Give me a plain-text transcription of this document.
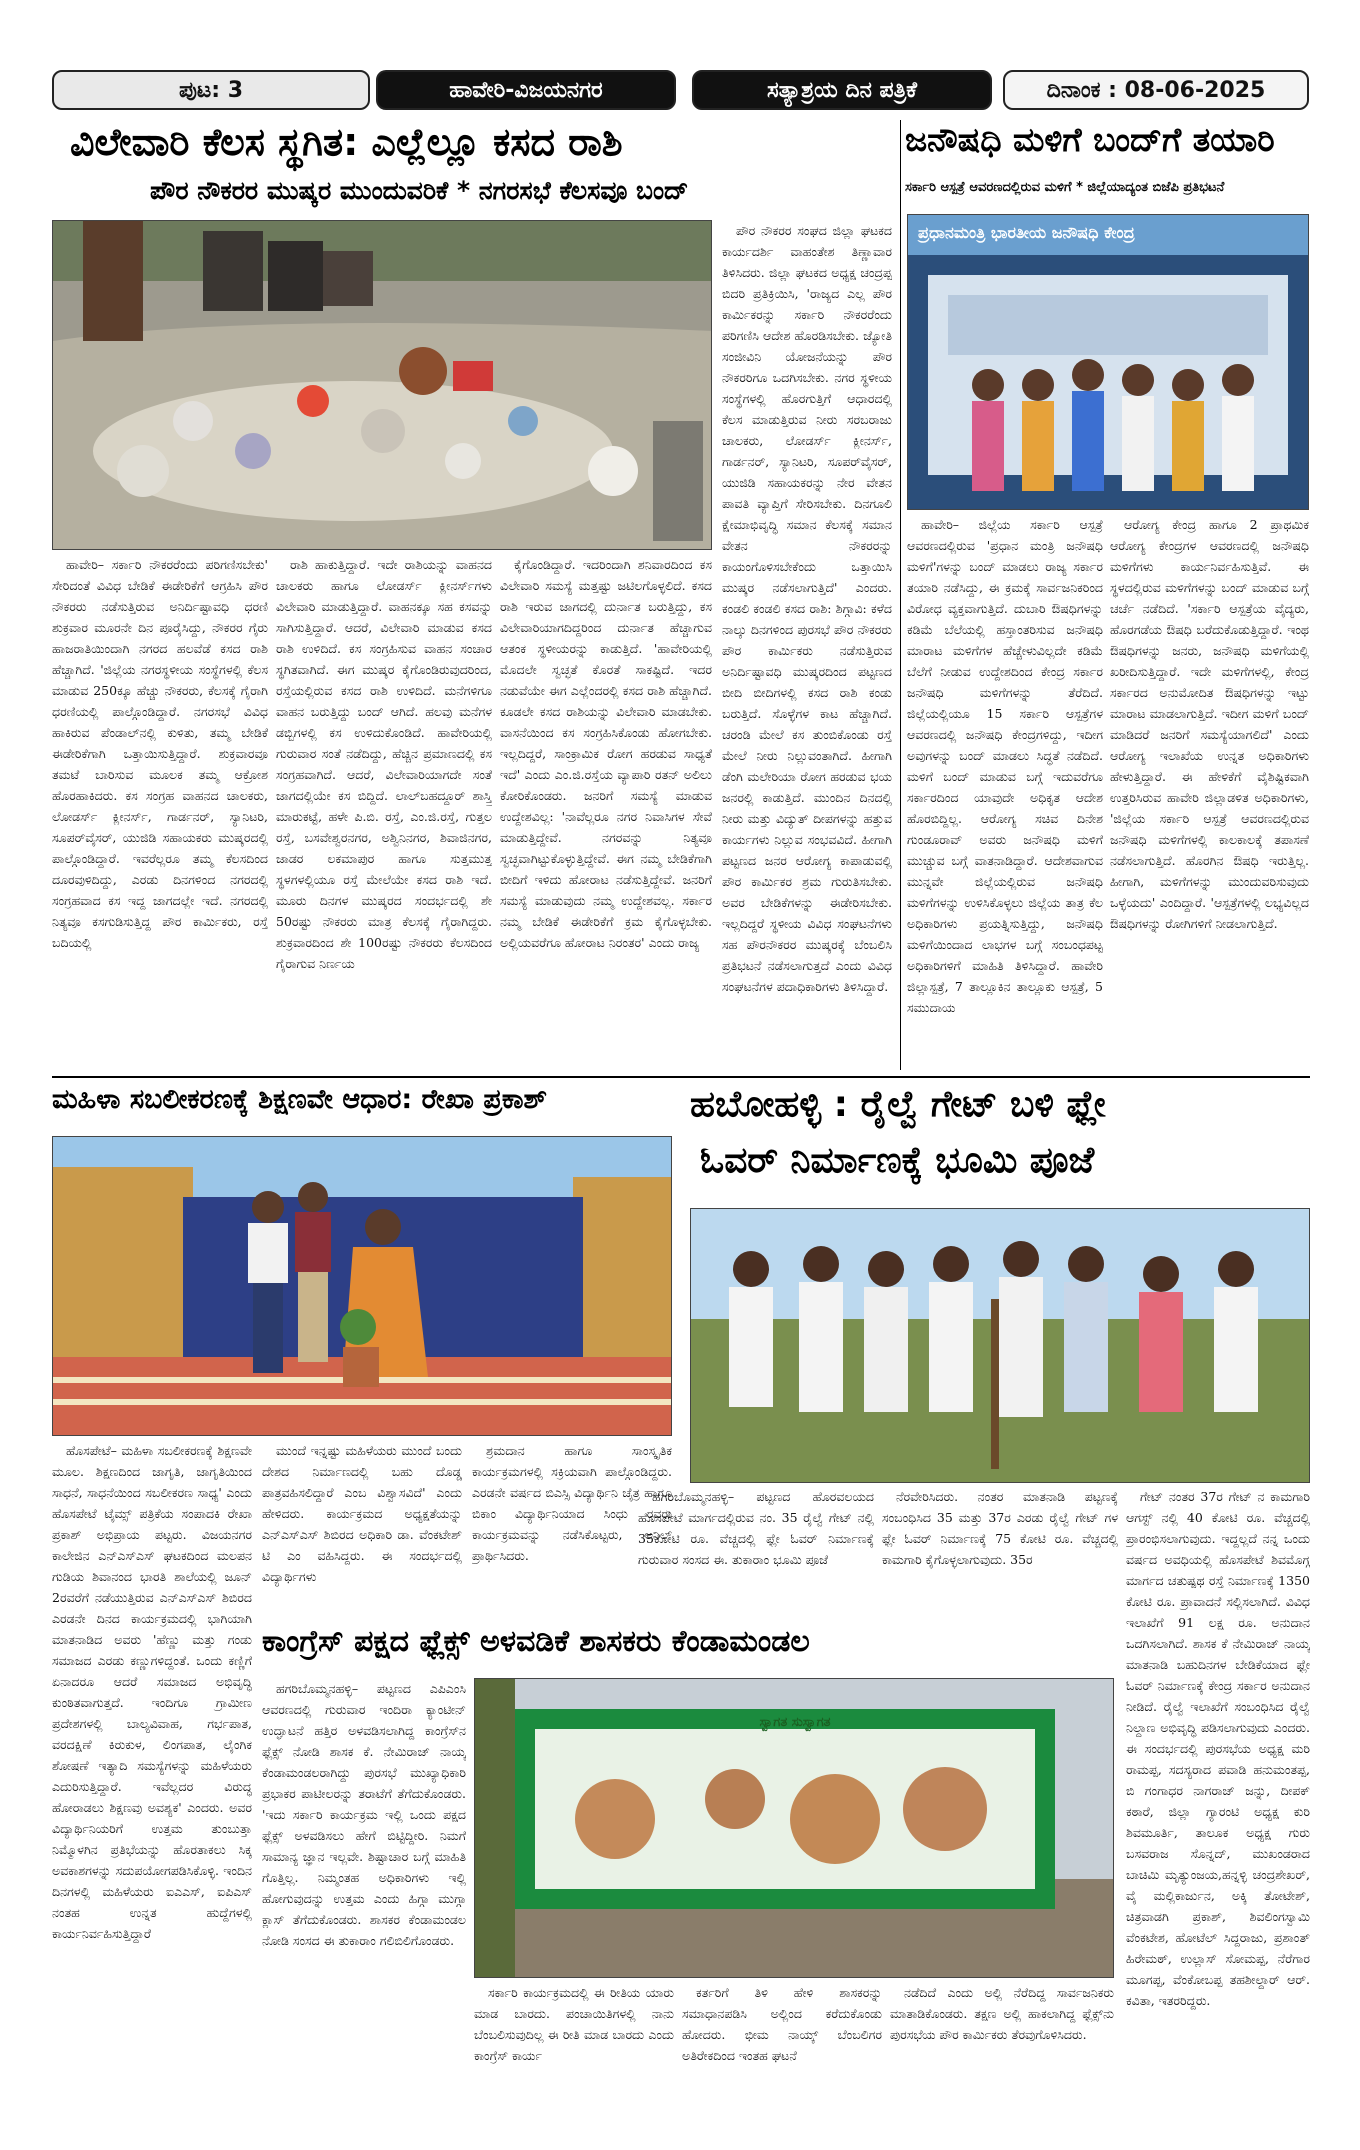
ಪುಟ: 3	ಹಾವೇರಿ-ವಿಜಯನಗರ	ಸತ್ಯಾಶ್ರಯ ದಿನ ಪತ್ರಿಕೆ	ದಿನಾಂಕ : 08-06-2025
ವಿಲೇವಾರಿ ಕೆಲಸ ಸ್ಥಗಿತ: ಎಲ್ಲೆಲ್ಲೂ ಕಸದ ರಾಶಿ
ಪೌರ ನೌಕರರ ಮುಷ್ಕರ ಮುಂದುವರಿಕೆ * ನಗರಸಭೆ ಕೆಲಸವೂ ಬಂದ್

ಹಾವೇರಿ– ಸರ್ಕಾರಿ ನೌಕರರೆಂದು ಪರಿಗಣಿಸಬೇಕು' ಸೇರಿದಂತೆ ವಿವಿಧ ಬೇಡಿಕೆ ಈಡೇರಿಕೆಗೆ ಆಗ್ರಹಿಸಿ ಪೌರ ನೌಕರರು ನಡೆಸುತ್ತಿರುವ ಅನಿರ್ದಿಷ್ಟಾವಧಿ ಧರಣಿ ಶುಕ್ರವಾರ ಮೂರನೇ ದಿನ ಪೂರೈಸಿದ್ದು, ನೌಕರರ ಗೈರು ಹಾಜರಾತಿಯಿಂದಾಗಿ ನಗರದ ಹಲವೆಡೆ ಕಸದ ರಾಶಿ ಹೆಚ್ಚಾಗಿದೆ. 'ಜಿಲ್ಲೆಯ ನಗರಸ್ಥಳೀಯ ಸಂಸ್ಥೆಗಳಲ್ಲಿ ಕೆಲಸ ಮಾಡುವ 250ಕ್ಕೂ ಹೆಚ್ಚು ನೌಕರರು, ಕೆಲಸಕ್ಕೆ ಗೈರಾಗಿ ಧರಣಿಯಲ್ಲಿ ಪಾಲ್ಗೊಂಡಿದ್ದಾರೆ. ನಗರಸಭೆ ವಿವಿಧ ಹಾಕಿರುವ ಪೆಂಡಾಲ್‌ನಲ್ಲಿ ಕುಳಿತು, ತಮ್ಮ ಬೇಡಿಕೆ ಈಡೇರಿಕೆಗಾಗಿ ಒತ್ತಾಯಿಸುತ್ತಿದ್ದಾರೆ. ಶುಕ್ರವಾರವೂ ತಮಟೆ ಬಾರಿಸುವ ಮೂಲಕ ತಮ್ಮ ಆಕ್ರೋಶ ಹೊರಹಾಕಿದರು. ಕಸ ಸಂಗ್ರಹ ವಾಹನದ ಚಾಲಕರು, ಲೋಡರ್ಸ್ ಕ್ಲೀನರ್ಸ್, ಗಾರ್ಡನರ್, ಸ್ಯಾನಿಟರಿ, ಸೂಪರ್‌ವೈಸರ್, ಯುಜಿಡಿ ಸಹಾಯಕರು ಮುಷ್ಕರದಲ್ಲಿ ಪಾಲ್ಗೊಂಡಿದ್ದಾರೆ. ಇವರೆಲ್ಲರೂ ತಮ್ಮ ಕೆಲಸದಿಂದ ದೂರವುಳಿದಿದ್ದು, ಎರಡು ದಿನಗಳಿಂದ ನಗರದಲ್ಲಿ ಸಂಗ್ರಹವಾದ ಕಸ ಇದ್ದ ಜಾಗದಲ್ಲೇ ಇದೆ. ನಗರದಲ್ಲಿ ನಿತ್ಯವೂ ಕಸಗುಡಿಸುತ್ತಿದ್ದ ಪೌರ ಕಾರ್ಮಿಕರು, ರಸ್ತೆ ಬದಿಯಲ್ಲಿ

ರಾಶಿ ಹಾಕುತ್ತಿದ್ದಾರೆ. ಇದೇ ರಾಶಿಯನ್ನು ವಾಹನದ ಚಾಲಕರು ಹಾಗೂ ಲೋಡರ್ಸ್ ಕ್ಲೀನರ್ಸ್‌ಗಳು ವಿಲೇವಾರಿ ಮಾಡುತ್ತಿದ್ದಾರೆ. ವಾಹನಕ್ಕೂ ಸಹ ಕಸವನ್ನು ಸಾಗಿಸುತ್ತಿದ್ದಾರೆ. ಆದರೆ, ವಿಲೇವಾರಿ ಮಾಡುವ ಕಸದ ರಾಶಿ ಉಳಿದಿದೆ. ಕಸ ಸಂಗ್ರಹಿಸುವ ವಾಹನ ಸಂಚಾರ ಸ್ಥಗಿತವಾಗಿದೆ. ಈಗ ಮುಷ್ಕರ ಕೈಗೊಂಡಿರುವುದರಿಂದ, ರಸ್ತೆಯಲ್ಲಿರುವ ಕಸದ ರಾಶಿ ಉಳಿದಿದೆ. ಮನೆಗಳಿಗೂ ವಾಹನ ಬರುತ್ತಿದ್ದು ಬಂದ್ ಆಗಿದೆ. ಹಲವು ಮನೆಗಳ ಡಬ್ಬಿಗಳಲ್ಲಿ ಕಸ ಉಳಿದುಕೊಂಡಿದೆ. ಹಾವೇರಿಯಲ್ಲಿ ಗುರುವಾರ ಸಂತೆ ನಡೆದಿದ್ದು, ಹೆಚ್ಚಿನ ಪ್ರಮಾಣದಲ್ಲಿ ಕಸ ಸಂಗ್ರಹವಾಗಿದೆ. ಆದರೆ, ವಿಲೇವಾರಿಯಾಗದೇ ಸಂತೆ ಜಾಗದಲ್ಲಿಯೇ ಕಸ ಬಿದ್ದಿದೆ. ಲಾಲ್‌ಬಹದ್ದೂರ್ ಶಾಸ್ತ್ರಿ ಮಾರುಕಟ್ಟೆ, ಹಳೇ ಪಿ.ಬಿ. ರಸ್ತೆ, ಎಂ.ಜಿ.ರಸ್ತೆ, ಗುತ್ತಲ ರಸ್ತೆ, ಬಸವೇಶ್ವರನಗರ, ಅಶ್ವಿನಿನಗರ, ಶಿವಾಜಿನಗರ, ಜಾಡರ ಲಕಮಾಪುರ ಹಾಗೂ ಸುತ್ತಮುತ್ತ ಸ್ಥಳಗಳಲ್ಲಿಯೂ ರಸ್ತೆ ಮೇಲೆಯೇ ಕಸದ ರಾಶಿ ಇದೆ. ಮೂರು ದಿನಗಳ ಮುಷ್ಕರದ ಸಂದರ್ಭದಲ್ಲಿ ಶೇ 50ರಷ್ಟು ನೌಕರರು ಮಾತ್ರ ಕೆಲಸಕ್ಕೆ ಗೈರಾಗಿದ್ದರು. ಶುಕ್ರವಾರದಿಂದ ಶೇ 100ರಷ್ಟು ನೌಕರರು ಕೆಲಸದಿಂದ ಗೈರಾಗುವ ನಿರ್ಣಯ

ಕೈಗೊಂಡಿದ್ದಾರೆ. ಇದರಿಂದಾಗಿ ಶನಿವಾರದಿಂದ ಕಸ ವಿಲೇವಾರಿ ಸಮಸ್ಯೆ ಮತ್ತಷ್ಟು ಜಟಿಲಗೊಳ್ಳಲಿದೆ. ಕಸದ ರಾಶಿ ಇರುವ ಜಾಗದಲ್ಲಿ ದುರ್ನಾತ ಬರುತ್ತಿದ್ದು, ಕಸ ವಿಲೇವಾರಿಯಾಗದಿದ್ದರಿಂದ ದುರ್ನಾತ ಹೆಚ್ಚಾಗುವ ಆತಂಕ ಸ್ಥಳೀಯರನ್ನು ಕಾಡುತ್ತಿದೆ. 'ಹಾವೇರಿಯಲ್ಲಿ ಮೊದಲೇ ಸ್ವಚ್ಛತೆ ಕೊರತೆ ಸಾಕಷ್ಟಿದೆ. ಇದರ ನಡುವೆಯೇ ಈಗ ಎಲ್ಲೆಂದರಲ್ಲಿ ಕಸದ ರಾಶಿ ಹೆಚ್ಚಾಗಿದೆ. ಕೂಡಲೇ ಕಸದ ರಾಶಿಯನ್ನು ವಿಲೇವಾರಿ ಮಾಡಬೇಕು. ವಾಸನೆಯಿಂದ ಕಸ ಸಂಗ್ರಹಿಸಿಕೊಂಡು ಹೋಗಬೇಕು. ಇಲ್ಲದಿದ್ದರೆ, ಸಾಂಕ್ರಾಮಿಕ ರೋಗ ಹರಡುವ ಸಾಧ್ಯತೆ ಇದೆ' ಎಂದು ಎಂ.ಜಿ.ರಸ್ತೆಯ ವ್ಯಾಪಾರಿ ರತನ್ ಅಲಿಲು ಕೋರಿಕೊಂಡರು. ಜನರಿಗೆ ಸಮಸ್ಯೆ ಮಾಡುವ ಉದ್ದೇಶವಿಲ್ಲ: 'ನಾವೆಲ್ಲರೂ ನಗರ ನಿವಾಸಿಗಳ ಸೇವೆ ಮಾಡುತ್ತಿದ್ದೇವೆ. ನಗರವನ್ನು ನಿತ್ಯವೂ ಸ್ವಚ್ಛವಾಗಿಟ್ಟುಕೊಳ್ಳುತ್ತಿದ್ದೇವೆ. ಈಗ ನಮ್ಮ ಬೇಡಿಕೆಗಾಗಿ ಬೀದಿಗೆ ಇಳಿದು ಹೋರಾಟ ನಡೆಸುತ್ತಿದ್ದೇವೆ. ಜನರಿಗೆ ಸಮಸ್ಯೆ ಮಾಡುವುದು ನಮ್ಮ ಉದ್ದೇಶವಲ್ಲ. ಸರ್ಕಾರ ನಮ್ಮ ಬೇಡಿಕೆ ಈಡೇರಿಕೆಗೆ ಕ್ರಮ ಕೈಗೊಳ್ಳಬೇಕು. ಅಲ್ಲಿಯವರೆಗೂ ಹೋರಾಟ ನಿರಂತರ' ಎಂದು ರಾಜ್ಯ

ಪೌರ ನೌಕರರ ಸಂಘದ ಜಿಲ್ಲಾ ಘಟಕದ ಕಾರ್ಯದರ್ಶಿ ವಾಹಂತೇಶ ತಿಣ್ಣಾವಾರ ತಿಳಿಸಿದರು. ಜಿಲ್ಲಾ ಘಟಕದ ಅಧ್ಯಕ್ಷ ಚಂದ್ರಪ್ಪ ಬಿದರಿ ಪ್ರತಿಕ್ರಿಯಿಸಿ, 'ರಾಜ್ಯದ ಎಲ್ಲ ಪೌರ ಕಾರ್ಮಿಕರನ್ನು ಸರ್ಕಾರಿ ನೌಕರರೆಂದು ಪರಿಗಣಿಸಿ ಆದೇಶ ಹೊರಡಿಸಬೇಕು. ಜ್ಯೋತಿ ಸಂಜೀವಿನಿ ಯೋಜನೆಯನ್ನು ಪೌರ ನೌಕರರಿಗೂ ಒದಗಿಸಬೇಕು. ನಗರ ಸ್ಥಳೀಯ ಸಂಸ್ಥೆಗಳಲ್ಲಿ ಹೊರಗುತ್ತಿಗೆ ಆಧಾರದಲ್ಲಿ ಕೆಲಸ ಮಾಡುತ್ತಿರುವ ನೀರು ಸರಬರಾಜು ಚಾಲಕರು, ಲೋಡರ್ಸ್ ಕ್ಲೀನರ್ಸ್, ಗಾರ್ಡನರ್, ಸ್ಯಾನಿಟರಿ, ಸೂಪರ್‌ವೈಸರ್, ಯುಜಿಡಿ ಸಹಾಯಕರನ್ನು ನೇರ ವೇತನ ಪಾವತಿ ವ್ಯಾಪ್ತಿಗೆ ಸೇರಿಸಬೇಕು. ದಿನಗೂಲಿ ಕ್ಷೇಮಾಭಿವೃದ್ಧಿ ಸಮಾನ ಕೆಲಸಕ್ಕೆ ಸಮಾನ ವೇತನ ನೌಕರರನ್ನು ಕಾಯಂಗೊಳಿಸಬೇಕೆಂದು ಒತ್ತಾಯಿಸಿ ಮುಷ್ಕರ ನಡೆಸಲಾಗುತ್ತಿದೆ' ಎಂದರು. ಕಂಡಲಿ ಕಂಡಲಿ ಕಸದ ರಾಶಿ: ಶಿಗ್ಗಾವಿ: ಕಳೆದ ನಾಲ್ಕು ದಿನಗಳಿಂದ ಪುರಸಭೆ ಪೌರ ನೌಕರರು ಪೌರ ಕಾರ್ಮಿಕರು ನಡೆಸುತ್ತಿರುವ ಅನಿರ್ದಿಷ್ಟಾವಧಿ ಮುಷ್ಕರದಿಂದ ಪಟ್ಟಣದ ಬೀದಿ ಬೀದಿಗಳಲ್ಲಿ ಕಸದ ರಾಶಿ ಕಂಡು ಬರುತ್ತಿದೆ. ಸೊಳ್ಳೆಗಳ ಕಾಟ ಹೆಚ್ಚಾಗಿದೆ. ಚರಂಡಿ ಮೇಲೆ ಕಸ ತುಂಬಿಕೊಂಡು ರಸ್ತೆ ಮೇಲೆ ನೀರು ನಿಲ್ಲುವಂತಾಗಿದೆ. ಹೀಗಾಗಿ ಡೆಂಗಿ ಮಲೇರಿಯಾ ರೋಗ ಹರಡುವ ಭಯ ಜನರಲ್ಲಿ ಕಾಡುತ್ತಿದೆ. ಮುಂದಿನ ದಿನದಲ್ಲಿ ನೀರು ಮತ್ತು ವಿದ್ಯುತ್ ದೀಪಗಳನ್ನು ಹತ್ತುವ ಕಾರ್ಯಗಳು ನಿಲ್ಲುವ ಸಂಭವವಿದೆ. ಹೀಗಾಗಿ ಪಟ್ಟಣದ ಜನರ ಆರೋಗ್ಯ ಕಾಪಾಡುವಲ್ಲಿ ಪೌರ ಕಾರ್ಮಿಕರ ಶ್ರಮ ಗುರುತಿಸಬೇಕು. ಅವರ ಬೇಡಿಕೆಗಳನ್ನು ಈಡೇರಿಸಬೇಕು. ಇಲ್ಲದಿದ್ದರೆ ಸ್ಥಳೀಯ ವಿವಿಧ ಸಂಘಟನೆಗಳು ಸಹ ಪೌರನೌಕರರ ಮುಷ್ಕರಕ್ಕೆ ಬೆಂಬಲಿಸಿ ಪ್ರತಿಭಟನೆ ನಡೆಸಲಾಗುತ್ತದೆ ಎಂದು ವಿವಿಧ ಸಂಘಟನೆಗಳ ಪದಾಧಿಕಾರಿಗಳು ತಿಳಿಸಿದ್ದಾರೆ.

ಜನೌಷಧಿ ಮಳಿಗೆ ಬಂದ್‌ಗೆ ತಯಾರಿ
ಸರ್ಕಾರಿ ಆಸ್ಪತ್ರೆ ಆವರಣದಲ್ಲಿರುವ ಮಳಿಗೆ * ಜಿಲ್ಲೆಯಾದ್ಯಂತ ಬಿಜೆಪಿ ಪ್ರತಿಭಟನೆ
ಪ್ರಧಾನಮಂತ್ರಿ ಭಾರತೀಯ ಜನೌಷಧಿ ಕೇಂದ್ರ

ಹಾವೇರಿ– ಜಿಲ್ಲೆಯ ಸರ್ಕಾರಿ ಆಸ್ಪತ್ರೆ ಆವರಣದಲ್ಲಿರುವ 'ಪ್ರಧಾನ ಮಂತ್ರಿ ಜನೌಷಧಿ ಮಳಿಗೆ'ಗಳನ್ನು ಬಂದ್ ಮಾಡಲು ರಾಜ್ಯ ಸರ್ಕಾರ ತಯಾರಿ ನಡೆಸಿದ್ದು, ಈ ಕ್ರಮಕ್ಕೆ ಸಾರ್ವಜನಿಕರಿಂದ ವಿರೋಧ ವ್ಯಕ್ತವಾಗುತ್ತಿದೆ. ದುಬಾರಿ ಔಷಧಿಗಳನ್ನು ಕಡಿಮೆ ಬೆಲೆಯಲ್ಲಿ ಹಸ್ತಾಂತರಿಸುವ ಜನೌಷಧಿ ಮಾರಾಟ ಮಳಿಗೆಗಳ ಹೆಚ್ಚೇಳುವಿಲ್ಲದೇ ಕಡಿಮೆ ಬೆಲೆಗೆ ನೀಡುವ ಉದ್ದೇಶದಿಂದ ಕೇಂದ್ರ ಸರ್ಕಾರ ಜನೌಷಧಿ ಮಳಿಗೆಗಳನ್ನು ತೆರೆದಿದೆ. ಜಿಲ್ಲೆಯಲ್ಲಿಯೂ 15 ಸರ್ಕಾರಿ ಆಸ್ಪತ್ರೆಗಳ ಆವರಣದಲ್ಲಿ ಜನೌಷಧಿ ಕೇಂದ್ರಗಳಿದ್ದು, ಇದೀಗ ಅವುಗಳನ್ನು ಬಂದ್ ಮಾಡಲು ಸಿದ್ಧತೆ ನಡೆದಿದೆ. ಮಳಿಗೆ ಬಂದ್ ಮಾಡುವ ಬಗ್ಗೆ ಇದುವರೆಗೂ ಸರ್ಕಾರದಿಂದ ಯಾವುದೇ ಅಧಿಕೃತ ಆದೇಶ ಹೊರಬಿದ್ದಿಲ್ಲ. ಆರೋಗ್ಯ ಸಚಿವ ದಿನೇಶ ಗುಂಡೂರಾವ್ ಅವರು ಜನೌಷಧಿ ಮಳಿಗೆ ಮುಚ್ಚುವ ಬಗ್ಗೆ ವಾತನಾಡಿದ್ದಾರೆ. ಆದೇಶವಾಗುವ ಮುನ್ನವೇ ಜಿಲ್ಲೆಯಲ್ಲಿರುವ ಜನೌಷಧಿ ಮಳಿಗೆಗಳನ್ನು ಉಳಿಸಿಕೊಳ್ಳಲು ಜಿಲ್ಲೆಯ ತಾತ್ರ ಕೆಲ ಅಧಿಕಾರಿಗಳು ಪ್ರಯತ್ನಿಸುತ್ತಿದ್ದು, ಜನೌಷಧಿ ಮಳಿಗೆಯಿಂದಾದ ಲಾಭಗಳ ಬಗ್ಗೆ ಸಂಬಂಧಪಟ್ಟ ಅಧಿಕಾರಿಗಳಿಗೆ ಮಾಹಿತಿ ತಿಳಿಸಿದ್ದಾರೆ. ಹಾವೇರಿ ಜಿಲ್ಲಾಸ್ಪತ್ರೆ, 7 ತಾಲ್ಲೂಕಿನ ತಾಲ್ಲೂಕು ಆಸ್ಪತ್ರೆ, 5 ಸಮುದಾಯ

ಆರೋಗ್ಯ ಕೇಂದ್ರ ಹಾಗೂ 2 ಪ್ರಾಥಮಿಕ ಆರೋಗ್ಯ ಕೇಂದ್ರಗಳ ಆವರಣದಲ್ಲಿ ಜನೌಷಧಿ ಮಳಿಗೆಗಳು ಕಾರ್ಯನಿರ್ವಹಿಸುತ್ತಿವೆ. ಈ ಸ್ಥಳದಲ್ಲಿರುವ ಮಳಿಗೆಗಳನ್ನು ಬಂದ್ ಮಾಡುವ ಬಗ್ಗೆ ಚರ್ಚೆ ನಡೆದಿದೆ. 'ಸರ್ಕಾರಿ ಆಸ್ಪತ್ರೆಯ ವೈದ್ಯರು, ಹೊರಗಡೆಯ ಔಷಧಿ ಬರೆದುಕೊಡುತ್ತಿದ್ದಾರೆ. ಇಂಥ ಔಷಧಿಗಳನ್ನು ಜನರು, ಜನೌಷಧಿ ಮಳಿಗೆಯಲ್ಲಿ ಖರೀದಿಸುತ್ತಿದ್ದಾರೆ. ಇದೇ ಮಳಿಗೆಗಳಲ್ಲಿ, ಕೇಂದ್ರ ಸರ್ಕಾರದ ಅನುಮೋದಿತ ಔಷಧಿಗಳನ್ನು ಇಟ್ಟು ಮಾರಾಟ ಮಾಡಲಾಗುತ್ತಿದೆ. ಇದೀಗ ಮಳಿಗೆ ಬಂದ್ ಮಾಡಿದರೆ ಜನರಿಗೆ ಸಮಸ್ಯೆಯಾಗಲಿದೆ' ಎಂದು ಆರೋಗ್ಯ ಇಲಾಖೆಯ ಉನ್ನತ ಅಧಿಕಾರಿಗಳು ಹೇಳುತ್ತಿದ್ದಾರೆ. ಈ ಹೇಳಿಕೆಗೆ ವೈಶಿಷ್ಟಿಕವಾಗಿ ಉತ್ತರಿಸಿರುವ ಹಾವೇರಿ ಜಿಲ್ಲಾಡಳಿತ ಅಧಿಕಾರಿಗಳು, 'ಜಿಲ್ಲೆಯ ಸರ್ಕಾರಿ ಆಸ್ಪತ್ರೆ ಆವರಣದಲ್ಲಿರುವ ಜನೌಷಧಿ ಮಳಿಗೆಗಳಲ್ಲಿ ಕಾಲಕಾಲಕ್ಕೆ ತಪಾಸಣೆ ನಡೆಸಲಾಗುತ್ತಿದೆ. ಹೊರಗಿನ ಔಷಧಿ ಇರುತ್ತಿಲ್ಲ. ಹೀಗಾಗಿ, ಮಳಿಗೆಗಳನ್ನು ಮುಂದುವರಿಸುವುದು ಒಳ್ಳೆಯದು' ಎಂದಿದ್ದಾರೆ. 'ಆಸ್ಪತ್ರೆಗಳಲ್ಲಿ ಲಭ್ಯವಿಲ್ಲದ ಔಷಧಿಗಳನ್ನು ರೋಗಿಗಳಿಗೆ ನೀಡಲಾಗುತ್ತಿದೆ.

ಮಹಿಳಾ ಸಬಲೀಕರಣಕ್ಕೆ ಶಿಕ್ಷಣವೇ ಆಧಾರ: ರೇಖಾ ಪ್ರಕಾಶ್

ಹೊಸಪೇಟೆ– ಮಹಿಳಾ ಸಬಲೀಕರಣಕ್ಕೆ ಶಿಕ್ಷಣವೇ ಮೂಲ. ಶಿಕ್ಷಣದಿಂದ ಜಾಗೃತಿ, ಜಾಗೃತಿಯಿಂದ ಸಾಧನೆ, ಸಾಧನೆಯಿಂದ ಸಬಲೀಕರಣ ಸಾಧ್ಯ' ಎಂದು ಹೊಸಪೇಟೆ ಟೈಮ್ಸ್ ಪತ್ರಿಕೆಯ ಸಂಪಾದಕಿ ರೇಖಾ ಪ್ರಕಾಶ್ ಅಭಿಪ್ರಾಯ ಪಟ್ಟರು. ವಿಜಯನಗರ ಕಾಲೇಜಿನ ಎನ್ಎಸ್ಎಸ್ ಘಟಕದಿಂದ ಮಲಪನ ಗುಡಿಯ ಶಿವಾನಂದ ಭಾರತಿ ಶಾಲೆಯಲ್ಲಿ ಜೂನ್ 2ರವರೆಗೆ ನಡೆಯುತ್ತಿರುವ ಎನ್ಎಸ್ಎಸ್ ಶಿಬಿರದ ಎರಡನೇ ದಿನದ ಕಾರ್ಯಕ್ರಮದಲ್ಲಿ ಭಾಗಿಯಾಗಿ ಮಾತನಾಡಿದ ಅವರು 'ಹೆಣ್ಣು ಮತ್ತು ಗಂಡು ಸಮಾಜದ ಎರಡು ಕಣ್ಣುಗಳಿದ್ದಂತೆ. ಒಂದು ಕಣ್ಣಿಗೆ ಏನಾದರೂ ಆದರೆ ಸಮಾಜದ ಅಭಿವೃದ್ಧಿ ಕುಂಠಿತವಾಗುತ್ತದೆ. ಇಂದಿಗೂ ಗ್ರಾಮೀಣ ಪ್ರದೇಶಗಳಲ್ಲಿ ಬಾಲ್ಯವಿವಾಹ, ಗರ್ಭಪಾತ, ವರದಕ್ಷಿಣೆ ಕಿರುಕುಳ, ಲಿಂಗಪಾತ, ಲೈಂಗಿಕ ಶೋಷಣೆ ಇತ್ಯಾದಿ ಸಮಸ್ಯೆಗಳನ್ನು ಮಹಿಳೆಯರು ಎದುರಿಸುತ್ತಿದ್ದಾರೆ. ಇವೆಲ್ಲದರ ವಿರುದ್ಧ ಹೋರಾಡಲು ಶಿಕ್ಷಣವು ಅವಶ್ಯಕ' ಎಂದರು. ಅವರ ವಿದ್ಯಾರ್ಥಿನಿಯರಿಗೆ ಉತ್ತಮ ತುಂಬುತ್ತಾ ನಿಮ್ಮೊಳಗಿನ ಪ್ರತಿಭೆಯನ್ನು ಹೊರತಾಕಲು ಸಿಕ್ಕ ಅವಕಾಶಗಳನ್ನು ಸದುಪಯೋಗಪಡಿಸಿಕೊಳ್ಳಿ. ಇಂದಿನ ದಿನಗಳಲ್ಲಿ ಮಹಿಳೆಯರು ಐಎಎಸ್, ಐಪಿಎಸ್ ನಂತಹ ಉನ್ನತ ಹುದ್ದೆಗಳಲ್ಲಿ ಕಾರ್ಯನಿರ್ವಹಿಸುತ್ತಿದ್ದಾರೆ

ಮುಂದೆ ಇನ್ನಷ್ಟು ಮಹಿಳೆಯರು ಮುಂದೆ ಬಂದು ದೇಶದ ನಿರ್ಮಾಣದಲ್ಲಿ ಬಹು ದೊಡ್ಡ ಪಾತ್ರವಹಿಸಲಿದ್ದಾರೆ ಎಂಬ ವಿಶ್ವಾಸವಿದೆ' ಎಂದು ಹೇಳಿದರು. ಕಾರ್ಯಕ್ರಮದ ಅಧ್ಯಕ್ಷತೆಯನ್ನು ಎನ್ಎಸ್ಎಸ್ ಶಿಬಿರದ ಅಧಿಕಾರಿ ಡಾ. ವೆಂಕಟೇಶ್ ಟಿ ಎಂ ವಹಿಸಿದ್ದರು. ಈ ಸಂದರ್ಭದಲ್ಲಿ ವಿದ್ಯಾರ್ಥಿಗಳು

ಶ್ರಮದಾನ ಹಾಗೂ ಸಾಂಸ್ಕೃತಿಕ ಕಾರ್ಯಕ್ರಮಗಳಲ್ಲಿ ಸಕ್ರಿಯವಾಗಿ ಪಾಲ್ಗೊಂಡಿದ್ದರು. ಎರಡನೇ ವರ್ಷದ ಬಿಎಸ್ಸಿ ವಿದ್ಯಾರ್ಥಿನಿ ಚೈತ್ರ ಹಾಗೂ ಬಿಕಾಂ ವಿದ್ಯಾರ್ಥಿನಿಯಾದ ಸಿಂಧು ರವರು ಕಾರ್ಯಕ್ರಮವನ್ನು ನಡೆಸಿಕೊಟ್ಟರು, ಅನಿಲ್ ಪ್ರಾರ್ಥಿಸಿದರು.

ಹಬೋಹಳ್ಳಿ : ರೈಲ್ವೆ ಗೇಟ್ ಬಳಿ ಫ್ಲೇ
ಓವರ್ ನಿರ್ಮಾಣಕ್ಕೆ ಭೂಮಿ ಪೂಜೆ

ಹಗರಿಬೊಮ್ಮನಹಳ್ಳಿ– ಪಟ್ಟಣದ ಹೊರವಲಯದ ಹೊಸಪೇಟೆ ಮಾರ್ಗದಲ್ಲಿರುವ ನಂ. 35 ರೈಲ್ವೆ ಗೇಟ್ ನಲ್ಲಿ 35ಕೋಟಿ ರೂ. ವೆಚ್ಚದಲ್ಲಿ ಫ್ಲೇ ಓವರ್ ನಿರ್ಮಾಣಕ್ಕೆ ಗುರುವಾರ ಸಂಸದ ಈ. ತುಕಾರಾಂ ಭೂಮಿ ಪೂಜೆ

ನೆರವೇರಿಸಿದರು. ನಂತರ ಮಾತನಾಡಿ ಪಟ್ಟಣಕ್ಕೆ ಸಂಬಂಧಿಸಿದ 35 ಮತ್ತು 37ರ ಎರಡು ರೈಲ್ವೆ ಗೇಟ್ ಗಳ ಫ್ಲೇ ಓವರ್ ನಿರ್ಮಾಣಕ್ಕೆ 75 ಕೋಟಿ ರೂ. ವೆಚ್ಚದಲ್ಲಿ ಕಾಮಗಾರಿ ಕೈಗೊಳ್ಳಲಾಗುವುದು. 35ರ

ಗೇಟ್ ನಂತರ 37ರ ಗೇಟ್ ನ ಕಾಮಗಾರಿ ಆಗಸ್ಟ್ ನಲ್ಲಿ 40 ಕೋಟಿ ರೂ. ವೆಚ್ಚದಲ್ಲಿ ಪ್ರಾರಂಭಿಸಲಾಗುವುದು. ಇದ್ದಲ್ಲದೆ ನನ್ನ ಒಂದು ವರ್ಷದ ಅವಧಿಯಲ್ಲಿ ಹೊಸಪೇಟೆ ಶಿವಮೊಗ್ಗ ಮಾರ್ಗದ ಚತುಷ್ಪಥ ರಸ್ತೆ ನಿರ್ಮಾಣಕ್ಕೆ 1350 ಕೋಟಿ ರೂ. ಪ್ರಾವಾದನೆ ಸಲ್ಲಿಸಲಾಗಿದೆ. ವಿವಿಧ ಇಲಾಖೆಗೆ 91 ಲಕ್ಷ ರೂ. ಅನುದಾನ ಒದಗಿಸಲಾಗಿದೆ. ಶಾಸಕ ಕೆ ನೇಮಿರಾಜ್ ನಾಯ್ಕ ಮಾತನಾಡಿ ಬಹುದಿನಗಳ ಬೇಡಿಕೆಯಾದ ಫ್ಲೇ ಓವರ್ ನಿರ್ಮಾಣಕ್ಕೆ ಕೇಂದ್ರ ಸರ್ಕಾರ ಅನುದಾನ ನೀಡಿದೆ. ರೈಲ್ವೆ ಇಲಾಖೆಗೆ ಸಂಬಂಧಿಸಿದ ರೈಲ್ವೆ ನಿಲ್ದಾಣ ಅಭಿವೃದ್ಧಿ ಪಡಿಸಲಾಗುವುದು ಎಂದರು. ಈ ಸಂದರ್ಭದಲ್ಲಿ ಪುರಸಭೆಯ ಅಧ್ಯಕ್ಷ ಮರಿ ರಾಮಪ್ಪ, ಸದಸ್ಯರಾದ ಪವಾಡಿ ಹನುಮಂತಪ್ಪ, ಬಿ ಗಂಗಾಧರ ನಾಗರಾಜ್ ಜನ್ನು, ದೀಪಕ್ ಕಠಾರೆ, ಜಿಲ್ಲಾ ಗ್ಯಾರಂಟಿ ಅಧ್ಯಕ್ಷ ಕುರಿ ಶಿವಮೂರ್ತಿ, ತಾಲೂಕ ಅಧ್ಯಕ್ಷ ಗುರು ಬಸವರಾಜ ಸೊನ್ನದ್, ಮುಖಂಡರಾದ ಬಾಚಿಮಿ ಮೃತ್ಯುಂಜಯ,ಹನ್ನಳ್ಳಿ ಚಂದ್ರಶೇಖರ್, ವೈ ಮಲ್ಲಿಕಾರ್ಜುನ, ಅಕ್ಕಿ ತೋಟೇಶ್, ಚಿತ್ರವಾಡಗಿ ಪ್ರಕಾಶ್, ಶಿವಲಿಂಗಸ್ವಾಮಿ ವೆಂಕಟೇಶ, ಹೋಟೆಲ್ ಸಿದ್ದರಾಜು, ಪ್ರಶಾಂತ್ ಹಿರೇಮಠ್, ಉಲ್ಲಾಸ್ ಸೋಮಪ್ಪ, ನೆರೆಗಾರ ಮೂಗಪ್ಪ, ವೆಂಕೋಬಪ್ಪ ತಹಶೀಲ್ದಾರ್ ಆರ್. ಕವಿತಾ, ಇತರರಿದ್ದರು.

ಕಾಂಗ್ರೆಸ್ ಪಕ್ಷದ ಫ್ಲೆಕ್ಸ್ ಅಳವಡಿಕೆ ಶಾಸಕರು ಕೆಂಡಾಮಂಡಲ
ಸ್ವಾಗತ ಸುಸ್ವಾಗತ

ಹಗರಿಬೊಮ್ಮನಹಳ್ಳಿ– ಪಟ್ಟಣದ ಎಪಿಎಂಸಿ ಆವರಣದಲ್ಲಿ ಗುರುವಾರ ಇಂದಿರಾ ಕ್ಯಾಂಟೀನ್ ಉದ್ಘಾಟನೆ ಹತ್ತಿರ ಅಳವಡಿಸಲಾಗಿದ್ದ ಕಾಂಗ್ರೆಸ್‌ನ ಫ್ಲೆಕ್ಸ್ ನೋಡಿ ಶಾಸಕ ಕೆ. ನೇಮಿರಾಜ್ ನಾಯ್ಕ ಕೆಂಡಾಮಂಡಲರಾಗಿದ್ದು ಪುರಸಭೆ ಮುಖ್ಯಾಧಿಕಾರಿ ಪ್ರಭಾಕರ ಪಾಟೀಲರನ್ನು ತರಾಟೆಗೆ ತೆಗೆದುಕೊಂಡರು. 'ಇದು ಸರ್ಕಾರಿ ಕಾರ್ಯಕ್ರಮ ಇಲ್ಲಿ ಒಂದು ಪಕ್ಷದ ಫ್ಲೆಕ್ಸ್ ಅಳವಡಿಸಲು ಹೇಗೆ ಬಿಟ್ಟಿದ್ದೀರಿ. ನಿಮಗೆ ಸಾಮಾನ್ಯ ಜ್ಞಾನ ಇಲ್ಲವೇ. ಶಿಷ್ಟಾಚಾರ ಬಗ್ಗೆ ಮಾಹಿತಿ ಗೊತ್ತಿಲ್ಲ. ನಿಮ್ಮಂತಹ ಅಧಿಕಾರಿಗಳು ಇಲ್ಲಿ ಹೋಗುವುದನ್ನು ಉತ್ತಮ ಎಂದು ಹಿಗ್ಗಾ ಮುಗ್ಗಾ ಕ್ಲಾಸ್ ತೆಗೆದುಕೊಂಡರು. ಶಾಸಕರ ಕೆಂಡಾಮಂಡಲ ನೋಡಿ ಸಂಸದ ಈ ತುಕಾರಾಂ ಗಲಿಬಿಲಿಗೊಂಡರು.

ಸರ್ಕಾರಿ ಕಾರ್ಯಕ್ರಮದಲ್ಲಿ ಈ ರೀತಿಯ ಯಾರು ಮಾಡ ಬಾರದು. ಪಂಚಾಯಿತಿಗಳಲ್ಲಿ ನಾನು ಬೆಂಬಲಿಸುವುದಿಲ್ಲ ಈ ರೀತಿ ಮಾಡ ಬಾರದು ಎಂದು ಕಾಂಗ್ರೆಸ್ ಕಾರ್ಯ

ಕರ್ತರಿಗೆ ತಿಳಿ ಹೇಳಿ ಶಾಸಕರನ್ನು ಸಮಾಧಾನಪಡಿಸಿ ಅಲ್ಲಿಂದ ಕರೆದುಕೊಂಡು ಹೋದರು. ಭೀಮ ನಾಯ್ಕ್ ಬೆಂಬಲಿಗರ ಅತಿರೇಕದಿಂದ ಇಂತಹ ಘಟನೆ

ನಡೆದಿದೆ ಎಂದು ಅಲ್ಲಿ ನೆರೆದಿದ್ದ ಸಾರ್ವಜನಿಕರು ಮಾತಾಡಿಕೊಂಡರು. ತಕ್ಷಣ ಅಲ್ಲಿ ಹಾಕಲಾಗಿದ್ದ ಫ್ಲೆಕ್ಸ್‌ನು ಪುರಸಭೆಯ ಪೌರ ಕಾರ್ಮಿಕರು ತೆರವುಗೊಳಿಸಿದರು.
